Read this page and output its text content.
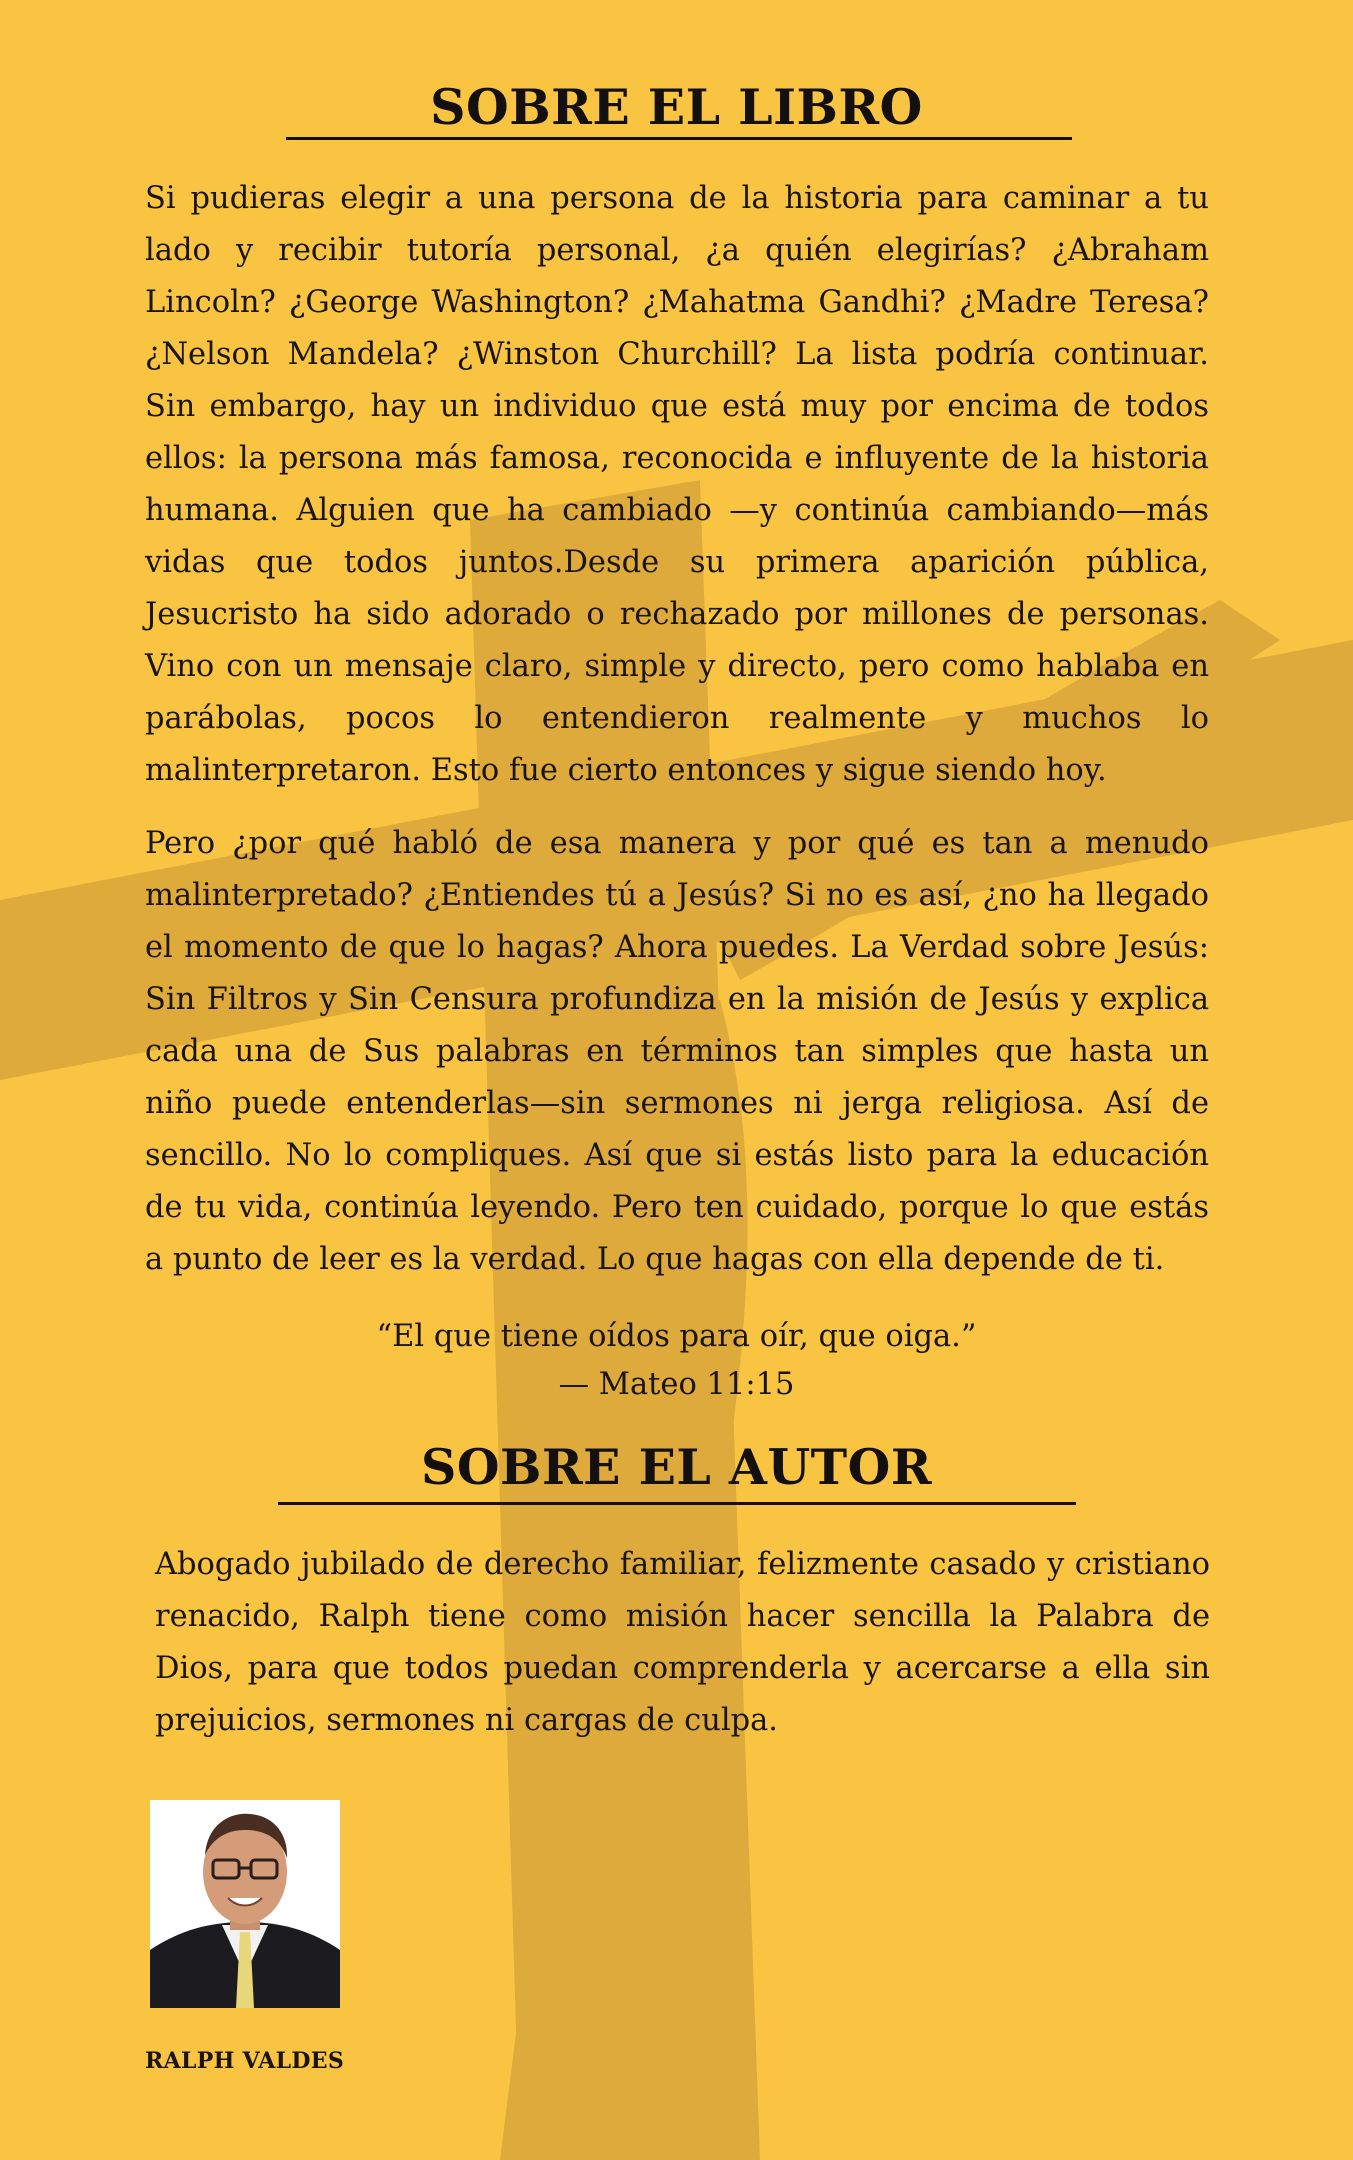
SOBRE EL LIBRO
Si pudieras elegir a una persona de la historia para caminar a tu lado y recibir tutoría personal, ¿a quién elegirías? ¿Abraham Lincoln? ¿George Washington? ¿Mahatma Gandhi? ¿Madre Teresa? ¿Nelson Mandela? ¿Winston Churchill? La lista podría continuar. Sin embargo, hay un individuo que está muy por encima de todos ellos: la persona más famosa, reconocida e influyente de la historia humana. Alguien que ha cambiado —y continúa cambiando—más vidas que todos juntos.Desde su primera aparición pública, Jesucristo ha sido adorado o rechazado por millones de personas. Vino con un mensaje claro, simple y directo, pero como hablaba en parábolas, pocos lo entendieron realmente y muchos lo malinterpretaron. Esto fue cierto entonces y sigue siendo hoy.
Pero ¿por qué habló de esa manera y por qué es tan a menudo malinterpretado? ¿Entiendes tú a Jesús? Si no es así, ¿no ha llegado el momento de que lo hagas? Ahora puedes. La Verdad sobre Jesús: Sin Filtros y Sin Censura profundiza en la misión de Jesús y explica cada una de Sus palabras en términos tan simples que hasta un niño puede entenderlas—sin sermones ni jerga religiosa. Así de sencillo. No lo compliques. Así que si estás listo para la educación de tu vida, continúa leyendo. Pero ten cuidado, porque lo que estás a punto de leer es la verdad. Lo que hagas con ella depende de ti.
“El que tiene oídos para oír, que oiga.”
— Mateo 11:15
SOBRE EL AUTOR
Abogado jubilado de derecho familiar, felizmente casado y cristiano renacido, Ralph tiene como misión hacer sencilla la Palabra de Dios, para que todos puedan comprenderla y acercarse a ella sin prejuicios, sermones ni cargas de culpa.
RALPH VALDES
